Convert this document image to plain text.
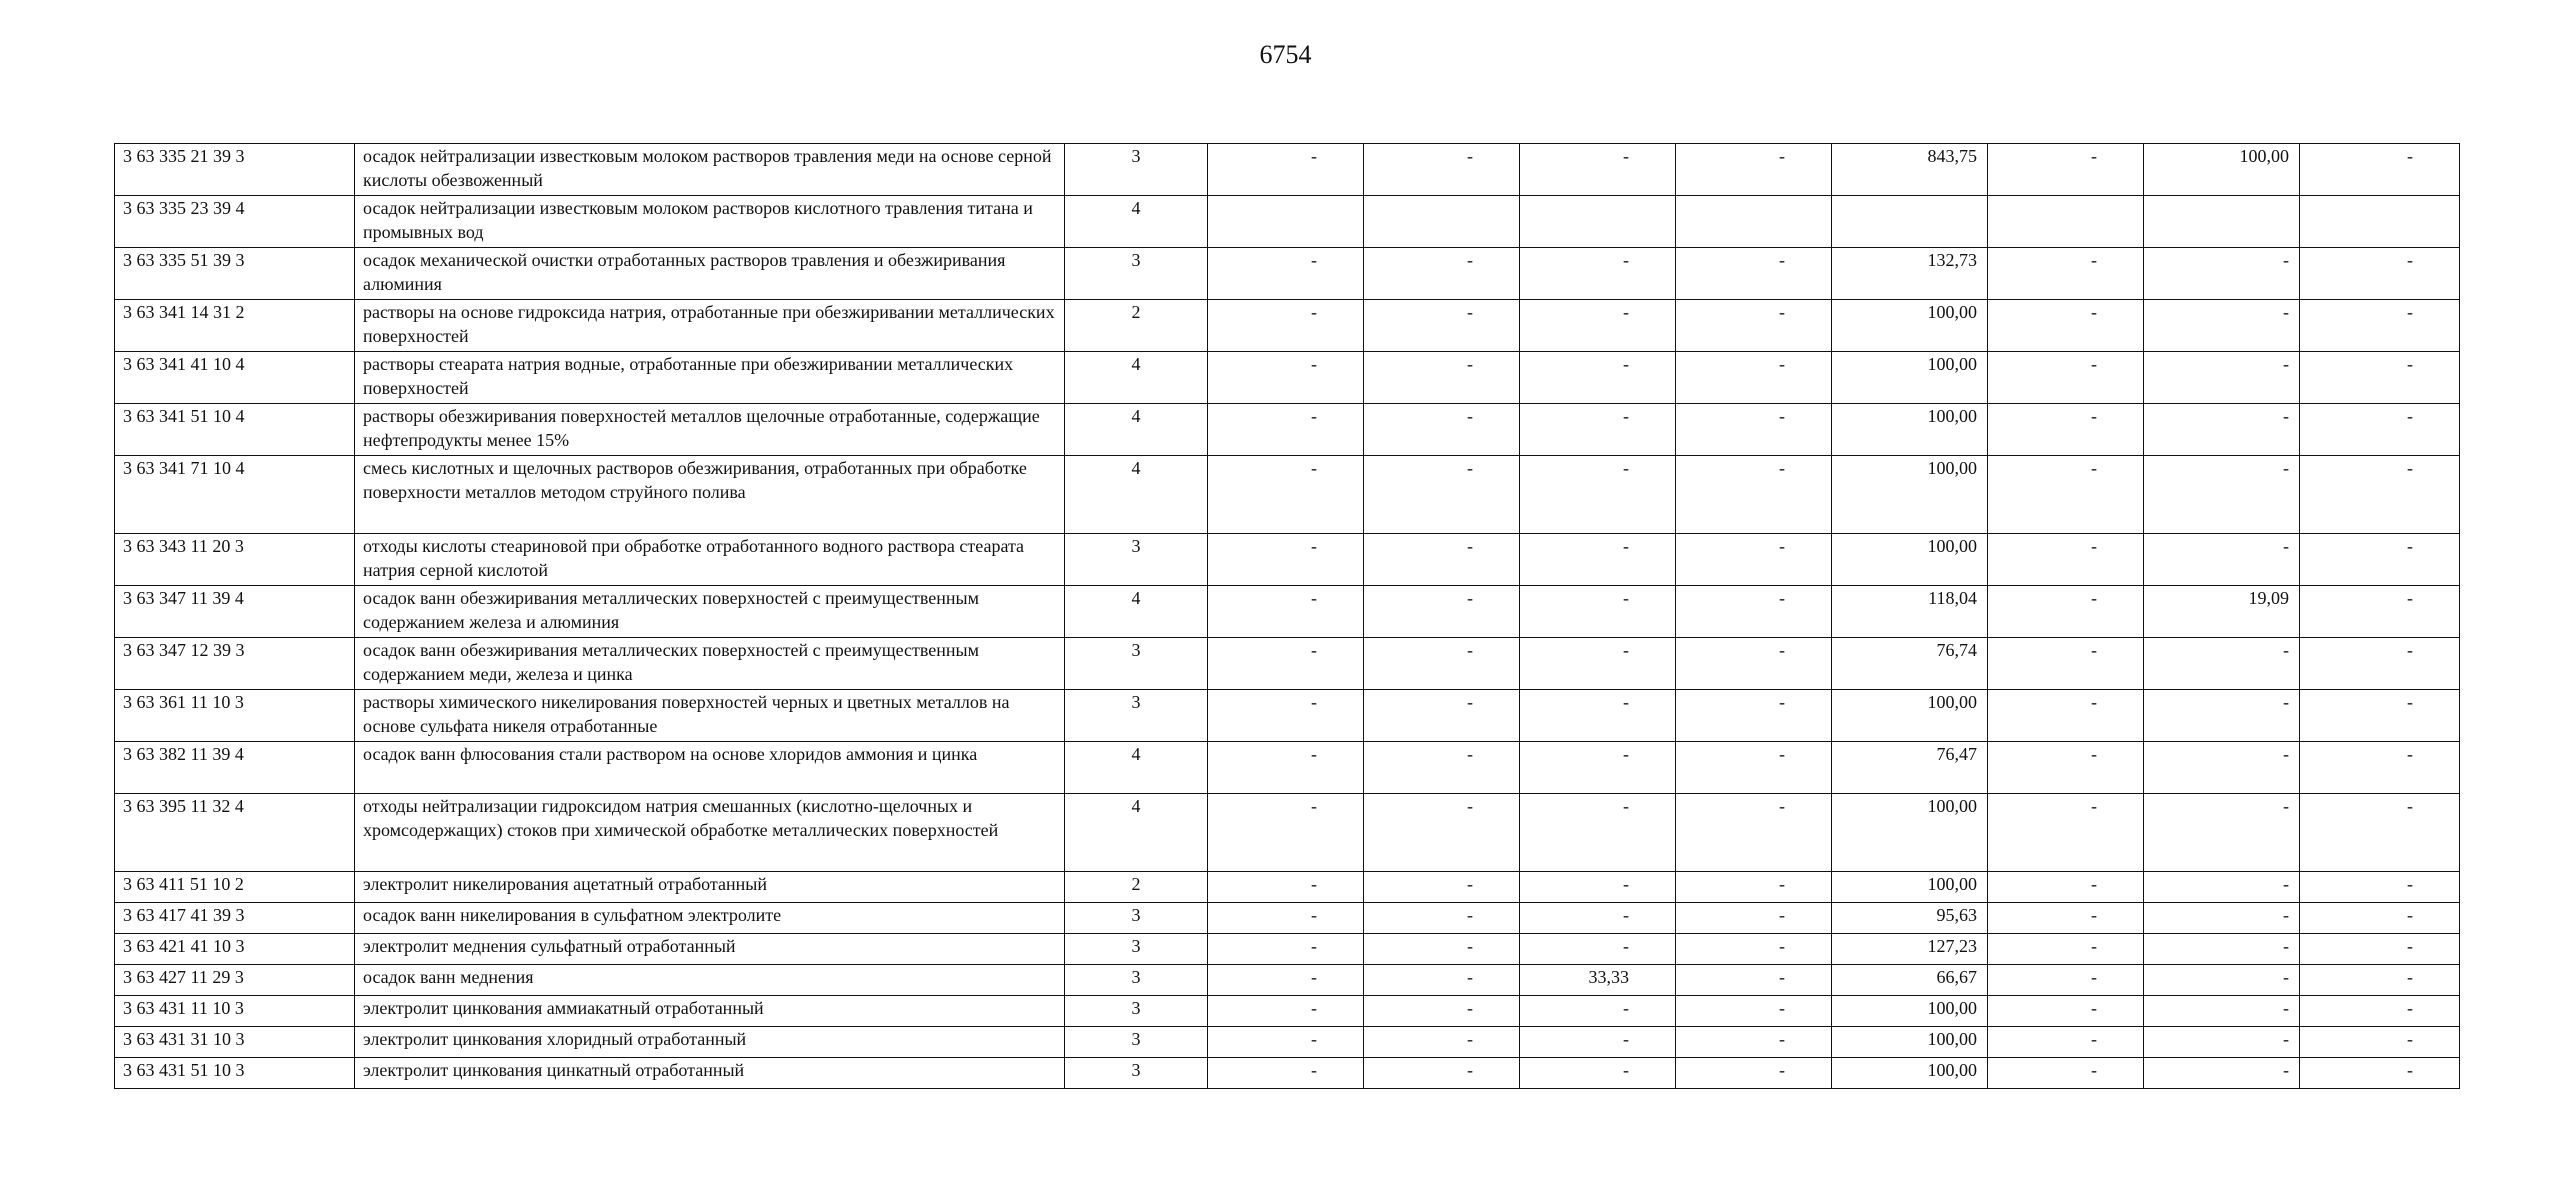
6754
3 63 335 21 39 3	осадок нейтрализации известковым молоком растворов травления меди на основе серной кислоты обезвоженный	3	-	-	-	-	843,75	-	100,00	-
3 63 335 23 39 4	осадок нейтрализации известковым молоком растворов кислотного травления титана и промывных вод	4								
3 63 335 51 39 3	осадок механической очистки отработанных растворов травления и обезжиривания алюминия	3	-	-	-	-	132,73	-	-	-
3 63 341 14 31 2	растворы на основе гидроксида натрия, отработанные при обезжиривании металлических поверхностей	2	-	-	-	-	100,00	-	-	-
3 63 341 41 10 4	растворы стеарата натрия водные, отработанные при обезжиривании металлических поверхностей	4	-	-	-	-	100,00	-	-	-
3 63 341 51 10 4	растворы обезжиривания поверхностей металлов щелочные отработанные, содержащие нефтепродукты менее 15%	4	-	-	-	-	100,00	-	-	-
3 63 341 71 10 4	смесь кислотных и щелочных растворов обезжиривания, отработанных при обработке поверхности металлов методом струйного полива	4	-	-	-	-	100,00	-	-	-
3 63 343 11 20 3	отходы кислоты стеариновой при обработке отработанного водного раствора стеарата натрия серной кислотой	3	-	-	-	-	100,00	-	-	-
3 63 347 11 39 4	осадок ванн обезжиривания металлических поверхностей с преимущественным содержанием железа и алюминия	4	-	-	-	-	118,04	-	19,09	-
3 63 347 12 39 3	осадок ванн обезжиривания металлических поверхностей с преимущественным содержанием меди, железа и цинка	3	-	-	-	-	76,74	-	-	-
3 63 361 11 10 3	растворы химического никелирования поверхностей черных и цветных металлов на основе сульфата никеля отработанные	3	-	-	-	-	100,00	-	-	-
3 63 382 11 39 4	осадок ванн флюсования стали раствором на основе хлоридов аммония и цинка	4	-	-	-	-	76,47	-	-	-
3 63 395 11 32 4	отходы нейтрализации гидроксидом натрия смешанных (кислотно-щелочных и хромсодержащих) стоков при химической обработке металлических поверхностей	4	-	-	-	-	100,00	-	-	-
3 63 411 51 10 2	электролит никелирования ацетатный отработанный	2	-	-	-	-	100,00	-	-	-
3 63 417 41 39 3	осадок ванн никелирования в сульфатном электролите	3	-	-	-	-	95,63	-	-	-
3 63 421 41 10 3	электролит меднения сульфатный отработанный	3	-	-	-	-	127,23	-	-	-
3 63 427 11 29 3	осадок ванн меднения	3	-	-	33,33	-	66,67	-	-	-
3 63 431 11 10 3	электролит цинкования аммиакатный отработанный	3	-	-	-	-	100,00	-	-	-
3 63 431 31 10 3	электролит цинкования хлоридный отработанный	3	-	-	-	-	100,00	-	-	-
3 63 431 51 10 3	электролит цинкования цинкатный отработанный	3	-	-	-	-	100,00	-	-	-
